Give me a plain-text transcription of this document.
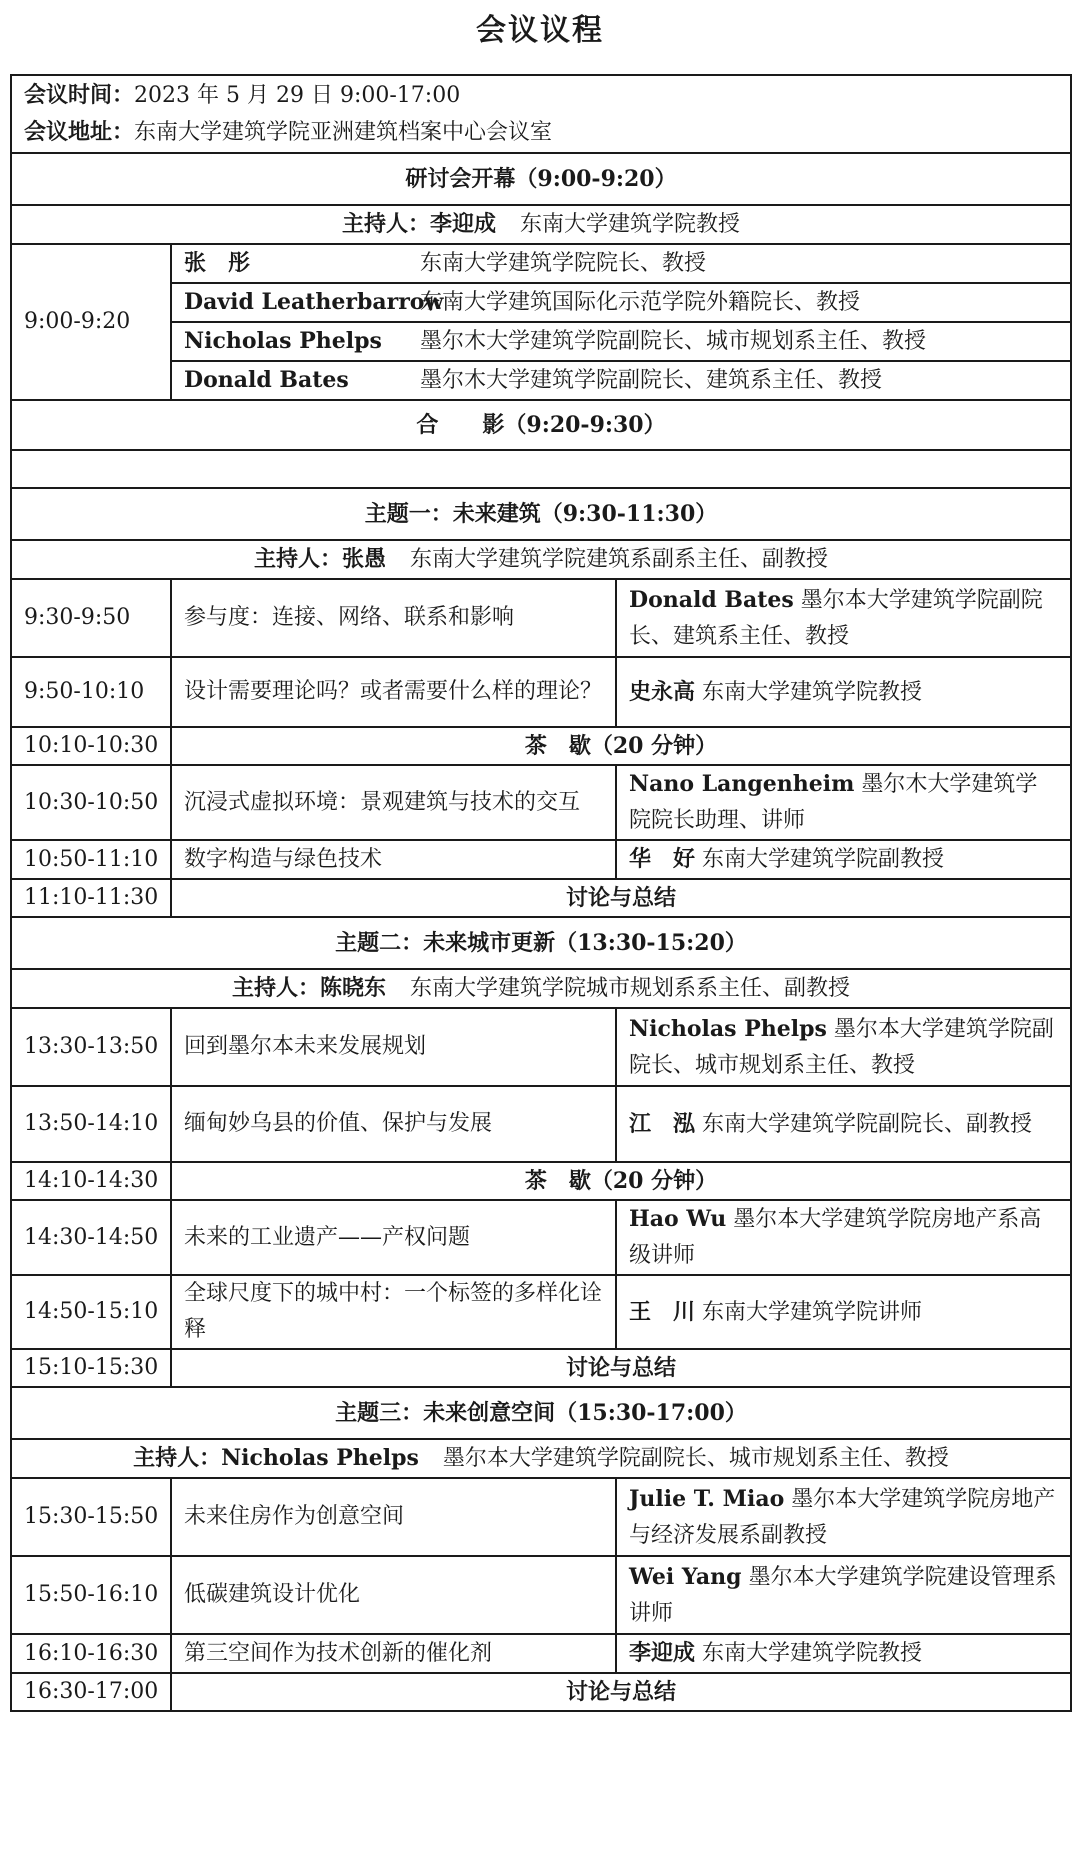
会议议程
会议时间：2023 年 5 月 29 日 9:00-17:00
会议地址：东南大学建筑学院亚洲建筑档案中心会议室		

研讨会开幕（9:00-9:20）		
主持人：李迎成 东南大学建筑学院教授		
9:00-9:20	张　彤 东南大学建筑学院院长、教授	
	David Leatherbarrow东南大学建筑国际化示范学院外籍院长、教授	
	Nicholas Phelps 墨尔木大学建筑学院副院长、城市规划系主任、教授	
	Donald Bates 墨尔木大学建筑学院副院长、建筑系主任、教授	
合　　影（9:20-9:30）		

主题一：未来建筑（9:30-11:30）		
主持人：张愚 东南大学建筑学院建筑系副系主任、副教授		
9:30-9:50	参与度：连接、网络、联系和影响	Donald Bates 墨尔本大学建筑学院副院长、建筑系主任、教授
9:50-10:10	设计需要理论吗？或者需要什么样的理论？	史永高 东南大学建筑学院教授
10:10-10:30	茶　歇（20 分钟）	
10:30-10:50	沉浸式虚拟环境：景观建筑与技术的交互	Nano Langenheim 墨尔木大学建筑学院院长助理、讲师
10:50-11:10	数字构造与绿色技术	华　好 东南大学建筑学院副教授
11:10-11:30	讨论与总结	
主题二：未来城市更新（13:30-15:20）		
主持人：陈晓东 东南大学建筑学院城市规划系系主任、副教授		
13:30-13:50	回到墨尔本未来发展规划	Nicholas Phelps 墨尔本大学建筑学院副院长、城市规划系主任、教授
13:50-14:10	缅甸妙乌县的价值、保护与发展	江　泓 东南大学建筑学院副院长、副教授
14:10-14:30	茶　歇（20 分钟）	
14:30-14:50	未来的工业遗产——产权问题	Hao Wu 墨尔本大学建筑学院房地产系高级讲师
14:50-15:10	全球尺度下的城中村：一个标签的多样化诠释	王　川 东南大学建筑学院讲师
15:10-15:30	讨论与总结	
主题三：未来创意空间（15:30-17:00）		
主持人：Nicholas Phelps 墨尔本大学建筑学院副院长、城市规划系主任、教授		
15:30-15:50	未来住房作为创意空间	Julie T. Miao 墨尔本大学建筑学院房地产与经济发展系副教授
15:50-16:10	低碳建筑设计优化	Wei Yang 墨尔本大学建筑学院建设管理系讲师
16:10-16:30	第三空间作为技术创新的催化剂	李迎成 东南大学建筑学院教授
16:30-17:00	讨论与总结	
